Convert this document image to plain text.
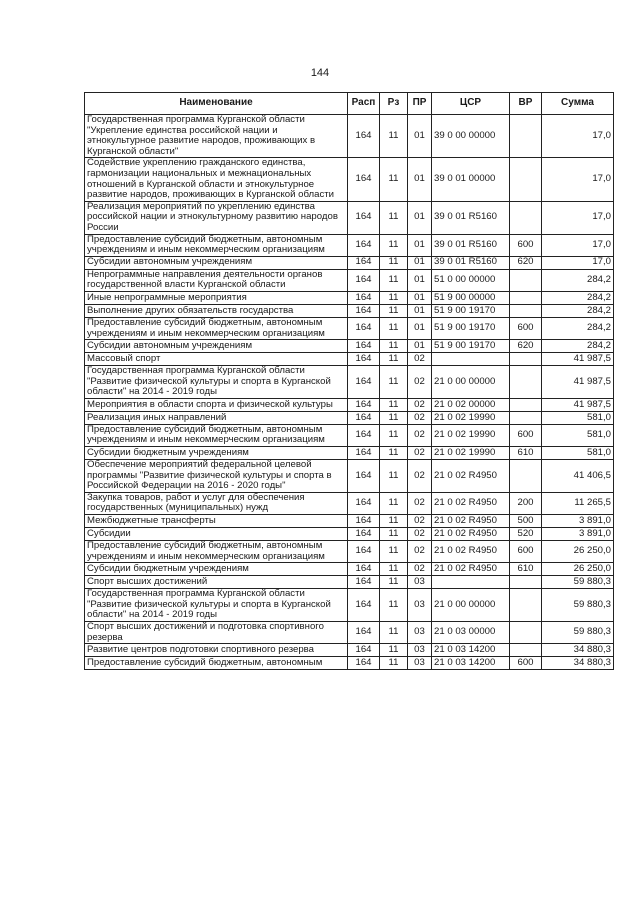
144
Наименование	Расп	Рз	ПР	ЦСР	ВР	Сумма
Государственная программа Курганской области "Укрепление единства российской нации и этнокультурное развитие народов, проживающих в Курганской области"	164	11	01	39 0 00 00000		17,0
Содействие укреплению гражданского единства, гармонизации национальных и межнациональных отношений в Курганской области и этнокультурное развитие народов, проживающих в Курганской области	164	11	01	39 0 01 00000		17,0
Реализация мероприятий по укреплению единства российской нации и этнокультурному развитию народов России	164	11	01	39 0 01 R5160		17,0
Предоставление субсидий бюджетным, автономным учреждениям и иным некоммерческим организациям	164	11	01	39 0 01 R5160	600	17,0
Субсидии автономным учреждениям	164	11	01	39 0 01 R5160	620	17,0
Непрограммные направления деятельности органов государственной власти Курганской области	164	11	01	51 0 00 00000		284,2
Иные непрограммные мероприятия	164	11	01	51 9 00 00000		284,2
Выполнение других обязательств государства	164	11	01	51 9 00 19170		284,2
Предоставление субсидий бюджетным, автономным учреждениям и иным некоммерческим организациям	164	11	01	51 9 00 19170	600	284,2
Субсидии автономным учреждениям	164	11	01	51 9 00 19170	620	284,2
Массовый спорт	164	11	02			41 987,5
Государственная программа Курганской области "Развитие физической культуры и спорта в Курганской области" на 2014 - 2019 годы	164	11	02	21 0 00 00000		41 987,5
Мероприятия в области спорта и физической культуры	164	11	02	21 0 02 00000		41 987,5
Реализация иных направлений	164	11	02	21 0 02 19990		581,0
Предоставление субсидий бюджетным, автономным учреждениям и иным некоммерческим организациям	164	11	02	21 0 02 19990	600	581,0
Субсидии бюджетным учреждениям	164	11	02	21 0 02 19990	610	581,0
Обеспечение мероприятий федеральной целевой программы "Развитие физической культуры и спорта в Российской Федерации на 2016 - 2020 годы"	164	11	02	21 0 02 R4950		41 406,5
Закупка товаров, работ и услуг для обеспечения государственных (муниципальных) нужд	164	11	02	21 0 02 R4950	200	11 265,5
Межбюджетные трансферты	164	11	02	21 0 02 R4950	500	3 891,0
Субсидии	164	11	02	21 0 02 R4950	520	3 891,0
Предоставление субсидий бюджетным, автономным учреждениям и иным некоммерческим организациям	164	11	02	21 0 02 R4950	600	26 250,0
Субсидии бюджетным учреждениям	164	11	02	21 0 02 R4950	610	26 250,0
Спорт высших достижений	164	11	03			59 880,3
Государственная программа Курганской области "Развитие физической культуры и спорта в Курганской области" на 2014 - 2019 годы	164	11	03	21 0 00 00000		59 880,3
Спорт высших достижений и подготовка спортивного резерва	164	11	03	21 0 03 00000		59 880,3
Развитие центров подготовки спортивного резерва	164	11	03	21 0 03 14200		34 880,3
Предоставление субсидий бюджетным, автономным	164	11	03	21 0 03 14200	600	34 880,3
